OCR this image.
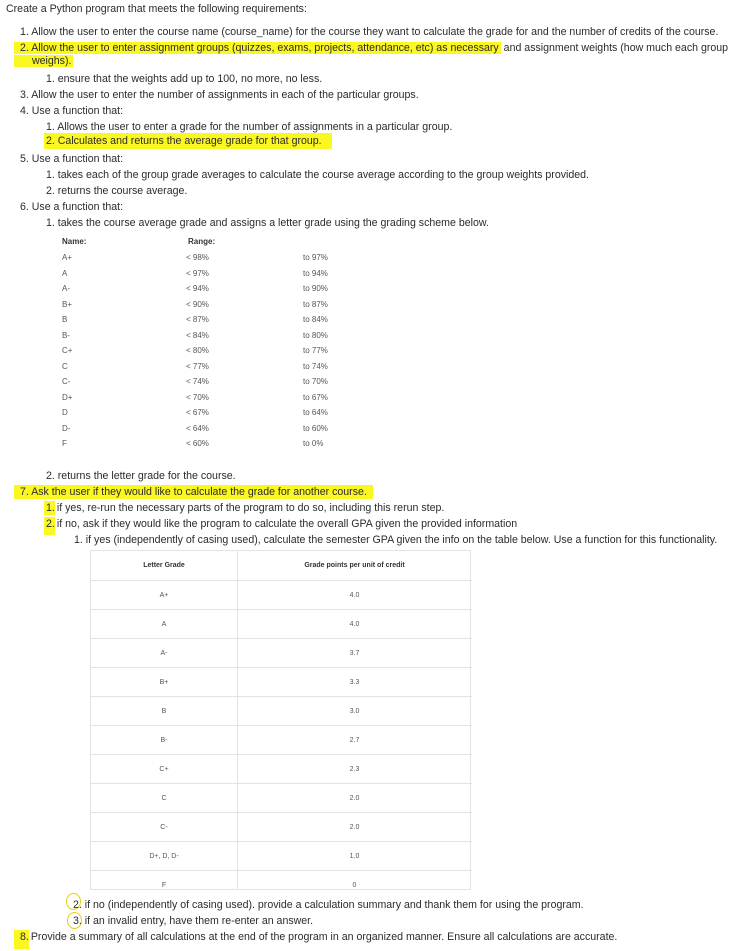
Create a Python program that meets the following requirements:
1. Allow the user to enter the course name (course_name) for the course they want to calculate the grade for and the number of credits of the course.
2. Allow the user to enter assignment groups (quizzes, exams, projects, attendance, etc) as necessary and assignment weights (how much each group
weighs).
1. ensure that the weights add up to 100, no more, no less.
3. Allow the user to enter the number of assignments in each of the particular groups.
4. Use a function that:
1. Allows the user to enter a grade for the number of assignments in a particular group.
2. Calculates and returns the average grade for that group.
5. Use a function that:
1. takes each of the group grade averages to calculate the course average according to the group weights provided.
2. returns the course average.
6. Use a function that:
1. takes the course average grade and assigns a letter grade using the grading scheme below.
Name:	Range:
A+	< 98%	to 97%
A	< 97%	to 94%
A-	< 94%	to 90%
B+	< 90%	to 87%
B	< 87%	to 84%
B-	< 84%	to 80%
C+	< 80%	to 77%
C	< 77%	to 74%
C-	< 74%	to 70%
D+	< 70%	to 67%
D	< 67%	to 64%
D-	< 64%	to 60%
F	< 60%	to 0%
2. returns the letter grade for the course.
7. Ask the user if they would like to calculate the grade for another course.
1. if yes, re-run the necessary parts of the program to do so, including this rerun step.
2. if no, ask if they would like the program to calculate the overall GPA given the provided information
1. if yes (independently of casing used), calculate the semester GPA given the info on the table below. Use a function for this functionality.
Letter Grade	Grade points per unit of credit
A+	4.0
A	4.0
A-	3.7
B+	3.3
B	3.0
B-	2.7
C+	2.3
C	2.0
C-	2.0
D+, D, D-	1.0
F	0
2. if no (independently of casing used). provide a calculation summary and thank them for using the program.
3. if an invalid entry, have them re-enter an answer.
8. Provide a summary of all calculations at the end of the program in an organized manner. Ensure all calculations are accurate.
